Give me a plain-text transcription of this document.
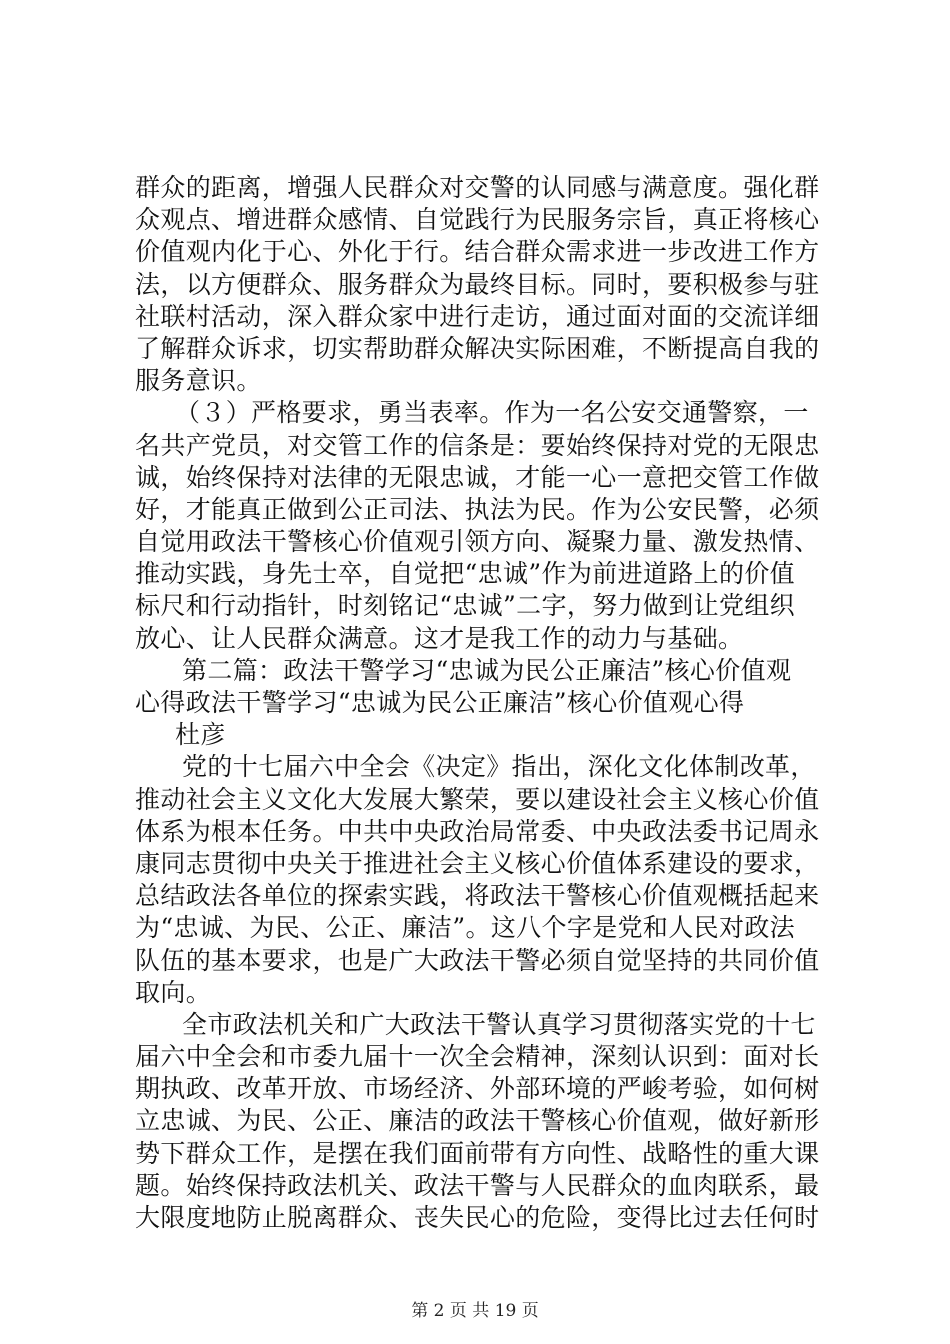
群众的距离，增强人民群众对交警的认同感与满意度。强化群
众观点、增进群众感情、自觉践行为民服务宗旨，真正将核心
价值观内化于心、外化于行。结合群众需求进一步改进工作方
法，以方便群众、服务群众为最终目标。同时，要积极参与驻
社联村活动，深入群众家中进行走访，通过面对面的交流详细
了解群众诉求，切实帮助群众解决实际困难，不断提高自我的
服务意识。
（３）严格要求，勇当表率。作为一名公安交通警察，一
名共产党员，对交管工作的信条是：要始终保持对党的无限忠
诚，始终保持对法律的无限忠诚，才能一心一意把交管工作做
好，才能真正做到公正司法、执法为民。作为公安民警，必须
自觉用政法干警核心价值观引领方向、凝聚力量、激发热情、
推动实践，身先士卒，自觉把“忠诚”作为前进道路上的价值
标尺和行动指针，时刻铭记“忠诚”二字，努力做到让党组织
放心、让人民群众满意。这才是我工作的动力与基础。
第二篇：政法干警学习“忠诚为民公正廉洁”核心价值观
心得政法干警学习“忠诚为民公正廉洁”核心价值观心得
杜彦
党的十七届六中全会《决定》指出，深化文化体制改革，
推动社会主义文化大发展大繁荣，要以建设社会主义核心价值
体系为根本任务。中共中央政治局常委、中央政法委书记周永
康同志贯彻中央关于推进社会主义核心价值体系建设的要求，
总结政法各单位的探索实践，将政法干警核心价值观概括起来
为“忠诚、为民、公正、廉洁”。这八个字是党和人民对政法
队伍的基本要求，也是广大政法干警必须自觉坚持的共同价值
取向。
全市政法机关和广大政法干警认真学习贯彻落实党的十七
届六中全会和市委九届十一次全会精神，深刻认识到：面对长
期执政、改革开放、市场经济、外部环境的严峻考验，如何树
立忠诚、为民、公正、廉洁的政法干警核心价值观，做好新形
势下群众工作，是摆在我们面前带有方向性、战略性的重大课
题。始终保持政法机关、政法干警与人民群众的血肉联系，最
大限度地防止脱离群众、丧失民心的危险，变得比过去任何时
第 2 页 共 19 页
